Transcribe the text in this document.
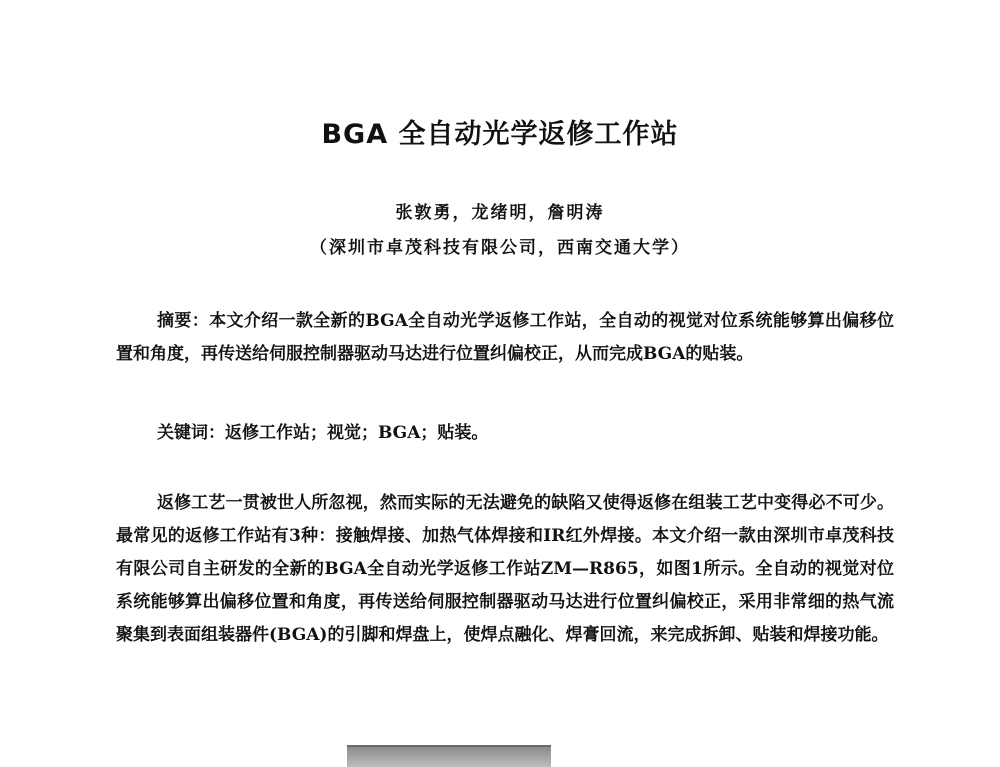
BGA 全自动光学返修工作站
张敦勇，龙绪明，詹明涛
（深圳市卓茂科技有限公司，西南交通大学）

摘要：本文介绍一款全新的BGA全自动光学返修工作站，全自动的视觉对位系统能够算出偏移位置和角度，再传送给伺服控制器驱动马达进行位置纠偏校正，从而完成BGA的贴装。

关键词：返修工作站；视觉；BGA；贴装。

返修工艺一贯被世人所忽视，然而实际的无法避免的缺陷又使得返修在组装工艺中变得必不可少。最常见的返修工作站有3种：接触焊接、加热气体焊接和IR红外焊接。本文介绍一款由深圳市卓茂科技有限公司自主研发的全新的BGA全自动光学返修工作站ZM—R865，如图1所示。全自动的视觉对位系统能够算出偏移位置和角度，再传送给伺服控制器驱动马达进行位置纠偏校正，采用非常细的热气流聚集到表面组装器件(BGA)的引脚和焊盘上，使焊点融化、焊膏回流，来完成拆卸、贴装和焊接功能。
